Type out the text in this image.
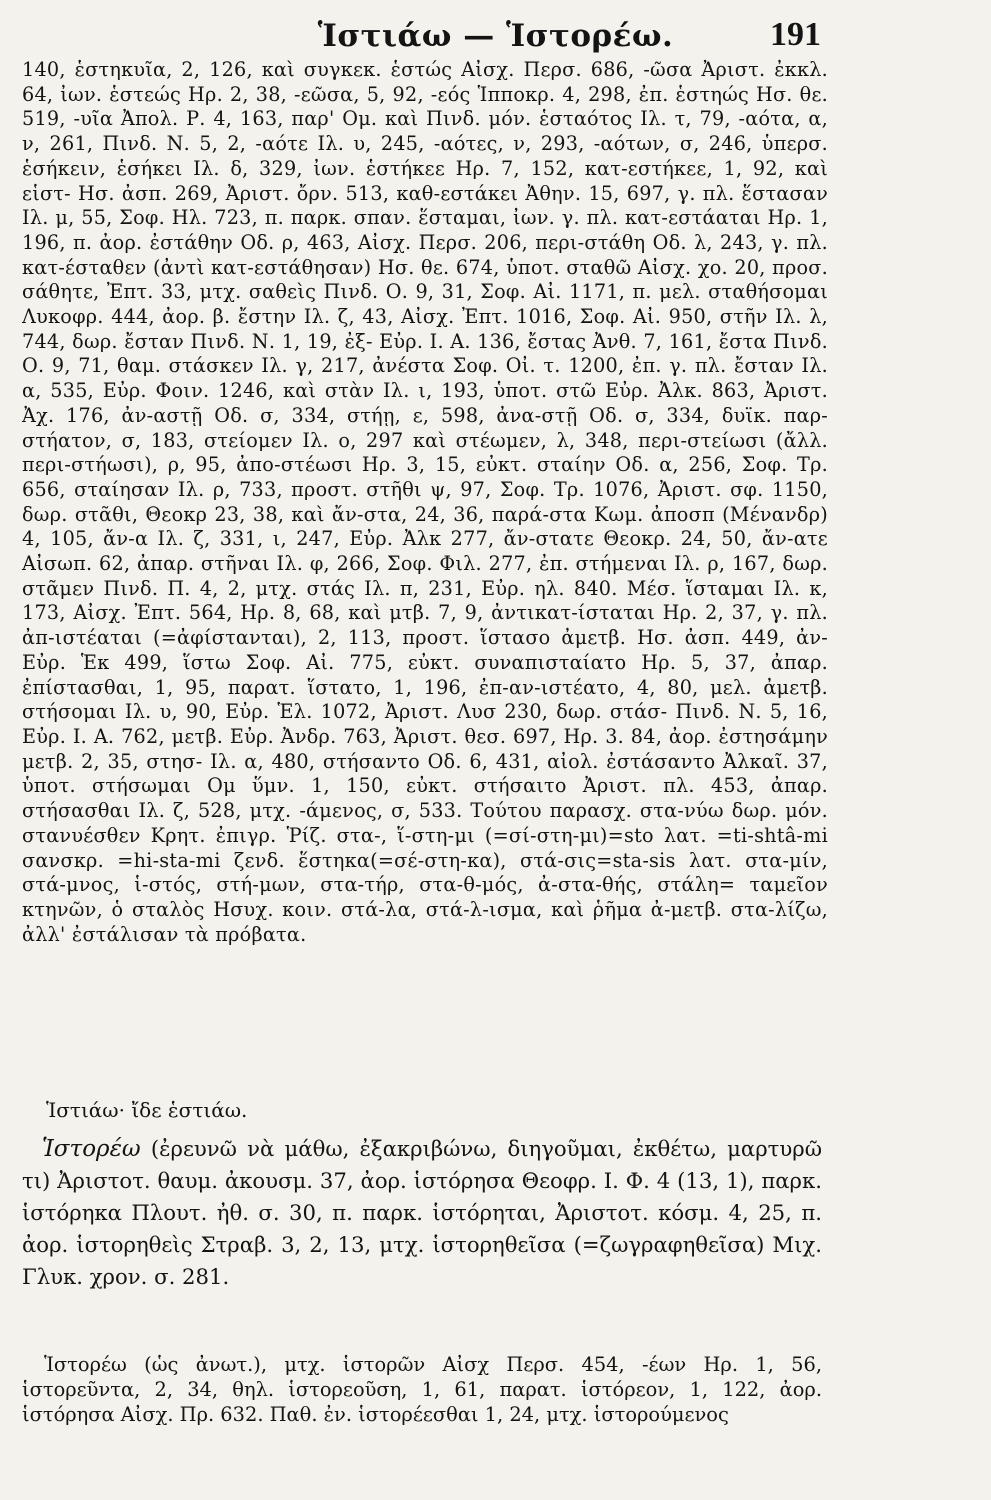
Ἱστιάω — Ἱστορέω.	191

140, ἑστηκυῖα, 2, 126, καὶ συγκεκ. ἑστώς Αἰσχ. Περσ. 686, -ῶσα Ἀριστ. ἐκκλ. 64, ἰων. ἑστεώς Ηρ. 2, 38, -εῶσα, 5, 92, -εός Ἱπποκρ. 4, 298, ἐπ. ἑστηώς Ησ. θε. 519, -υῖα Ἀπολ. Ρ. 4, 163, παρ' Ομ. καὶ Πινδ. μόν. ἑσταότος Ιλ. τ, 79, -αότα, α, ν, 261, Πινδ. Ν. 5, 2, -αότε Ιλ. υ, 245, -αότες, ν, 293, -αότων, σ, 246, ὑπερσ. ἑσήκειν, ἑσήκει Ιλ. δ, 329, ἰων. ἑστήκεε Ηρ. 7, 152, κατ-εστήκεε, 1, 92, καὶ εἱστ- Ησ. ἀσπ. 269, Ἀριστ. ὄρν. 513, καθ-εστάκει Ἀθην. 15, 697, γ. πλ. ἕστασαν Ιλ. μ, 55, Σοφ. Ηλ. 723, π. παρκ. σπαν. ἕσταμαι, ἰων. γ. πλ. κατ-εστάαται Ηρ. 1, 196, π. ἀορ. ἐστάθην Οδ. ρ, 463, Αἰσχ. Περσ. 206, περι-στάθη Οδ. λ, 243, γ. πλ. κατ-έσταθεν (ἀντὶ κατ-εστάθησαν) Ησ. θε. 674, ὑποτ. σταθῶ Αἰσχ. χο. 20, προσ. σάθητε, Ἐπτ. 33, μτχ. σαθεὶς Πινδ. Ο. 9, 31, Σοφ. Αἰ. 1171, π. μελ. σταθήσομαι Λυκοφρ. 444, ἀορ. β. ἔστην Ιλ. ζ, 43, Αἰσχ. Ἐπτ. 1016, Σοφ. Αἰ. 950, στῆν Ιλ. λ, 744, δωρ. ἔσταν Πινδ. Ν. 1, 19, ἐξ- Εὐρ. Ι. Α. 136, ἔστας Ἀνθ. 7, 161, ἔστα Πινδ. Ο. 9, 71, θαμ. στάσκεν Ιλ. γ, 217, ἀνέστα Σοφ. Οἰ. τ. 1200, ἐπ. γ. πλ. ἔσταν Ιλ. α, 535, Εὐρ. Φοιν. 1246, καὶ στὰν Ιλ. ι, 193, ὑποτ. στῶ Εὐρ. Ἀλκ. 863, Ἀριστ. Ἀχ. 176, ἀν-αστῇ Οδ. σ, 334, στήῃ, ε, 598, ἀνα-στῇ Οδ. σ, 334, δυϊκ. παρ-στήατον, σ, 183, στείομεν Ιλ. ο, 297 καὶ στέωμεν, λ, 348, περι-στείωσι (ἄλλ. περι-στήωσι), ρ, 95, ἀπο-στέωσι Ηρ. 3, 15, εὐκτ. σταίην Οδ. α, 256, Σοφ. Τρ. 656, σταίησαν Ιλ. ρ, 733, προστ. στῆθι ψ, 97, Σοφ. Τρ. 1076, Ἀριστ. σφ. 1150, δωρ. στᾶθι, Θεοκρ 23, 38, καὶ ἄν-στα, 24, 36, παρά-στα Κωμ. ἀποσπ (Μένανδρ) 4, 105, ἄν-α Ιλ. ζ, 331, ι, 247, Εὐρ. Ἀλκ 277, ἄν-στατε Θεοκρ. 24, 50, ἄν-ατε Αἰσωπ. 62, ἀπαρ. στῆναι Ιλ. φ, 266, Σοφ. Φιλ. 277, ἐπ. στήμεναι Ιλ. ρ, 167, δωρ. στᾶμεν Πινδ. Π. 4, 2, μτχ. στάς Ιλ. π, 231, Εὐρ. ηλ. 840. Μέσ. ἵσταμαι Ιλ. κ, 173, Αἰσχ. Ἐπτ. 564, Ηρ. 8, 68, καὶ μτβ. 7, 9, ἀντικατ-ίσταται Ηρ. 2, 37, γ. πλ. ἀπ-ιστέαται (=ἀφίστανται), 2, 113, προστ. ἵστασο ἀμετβ. Ησ. ἀσπ. 449, ἀν- Εὐρ. Ἑκ 499, ἵστω Σοφ. Αἰ. 775, εὐκτ. συναπισταίατο Ηρ. 5, 37, ἀπαρ. ἐπίστασθαι, 1, 95, παρατ. ἵστατο, 1, 196, ἐπ-αν-ιστέατο, 4, 80, μελ. ἀμετβ. στήσομαι Ιλ. υ, 90, Εὐρ. Ἑλ. 1072, Ἀριστ. Λυσ 230, δωρ. στάσ- Πινδ. Ν. 5, 16, Εὐρ. Ι. Α. 762, μετβ. Εὐρ. Ἀνδρ. 763, Ἀριστ. θεσ. 697, Ηρ. 3. 84, ἀορ. ἐστησάμην μετβ. 2, 35, στησ- Ιλ. α, 480, στήσαντο Οδ. 6, 431, αἰολ. ἐστάσαντο Ἀλκαῖ. 37, ὑποτ. στήσωμαι Ομ ὕμν. 1, 150, εὐκτ. στήσαιτο Ἀριστ. πλ. 453, ἀπαρ. στήσασθαι Ιλ. ζ, 528, μτχ. -άμενος, σ, 533. Τούτου παρασχ. στα-νύω δωρ. μόν. στανυέσθεν Κρητ. ἐπιγρ. Ῥίζ. στα-, ἵ-στη-μι (=σί-στη-μι)=sto λατ. =ti-shtâ-mi σανσκρ. =hi-sta-mi ζενδ. ἕστηκα(=σέ-στη-κα), στά-σις=sta-sis λατ. στα-μίν, στά-μνος, ἱ-στός, στή-μων, στα-τήρ, στα-θ-μός, ἀ-στα-θής, στάλη= ταμεῖον κτηνῶν, ὁ σταλὸς Ησυχ. κοιν. στά-λα, στά-λ-ισμα, καὶ ῥῆμα ἀ-μετβ. στα-λίζω, ἀλλ' ἐστάλισαν τὰ πρόβατα.

Ἱστιάω· ἴδε ἑστιάω.

Ἱστορέω (ἐρευνῶ νὰ μάθω, ἐξακριβώνω, διηγοῦμαι, ἐκθέτω, μαρτυρῶ τι) Ἀριστοτ. θαυμ. ἀκουσμ. 37, ἀορ. ἱστόρησα Θεοφρ. Ι. Φ. 4 (13, 1), παρκ. ἱστόρηκα Πλουτ. ἠθ. σ. 30, π. παρκ. ἱστόρηται, Ἀριστοτ. κόσμ. 4, 25, π. ἀορ. ἱστορηθεὶς Στραβ. 3, 2, 13, μτχ. ἱστορηθεῖσα (=ζωγραφηθεῖσα) Μιχ. Γλυκ. χρον. σ. 281.

Ἱστορέω (ὡς ἀνωτ.), μτχ. ἱστορῶν Αἰσχ Περσ. 454, -έων Ηρ. 1, 56, ἱστορεῦντα, 2, 34, θηλ. ἱστορεοῦση, 1, 61, παρατ. ἱστόρεον, 1, 122, ἀορ. ἱστόρησα Αἰσχ. Πρ. 632. Παθ. ἐν. ἱστορέεσθαι 1, 24, μτχ. ἱστορούμενος
